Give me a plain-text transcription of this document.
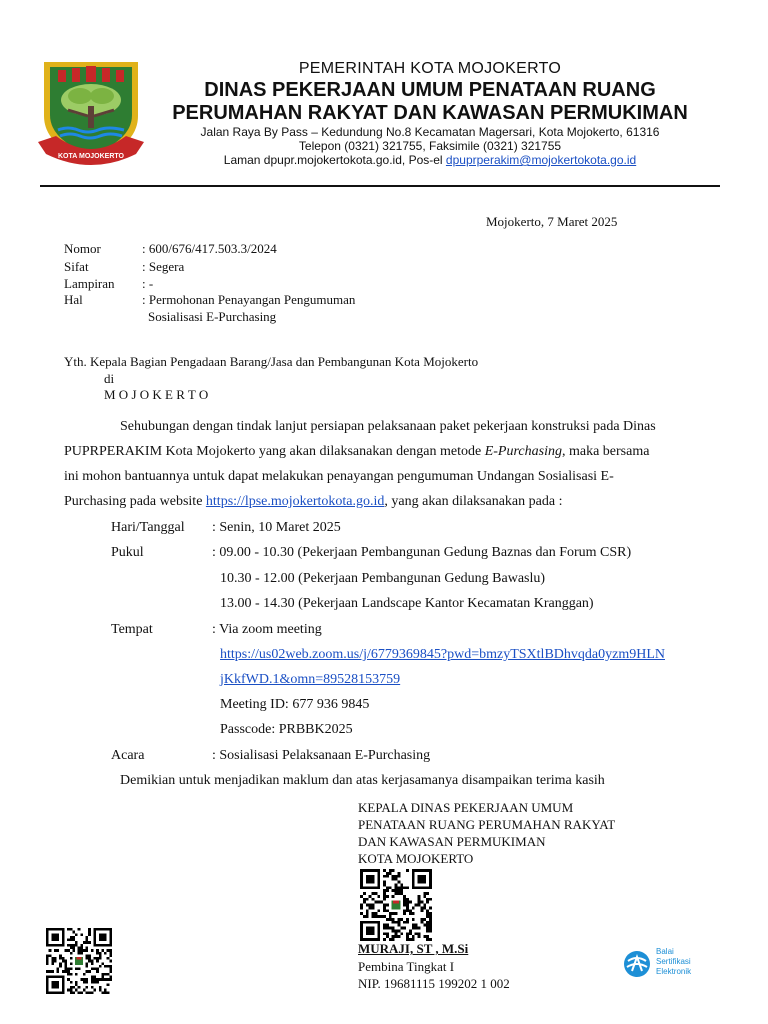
KOTA MOJOKERTO
PEMERINTAH KOTA MOJOKERTO
DINAS PEKERJAAN UMUM PENATAAN RUANG
PERUMAHAN RAKYAT DAN KAWASAN PERMUKIMAN
Jalan Raya By Pass – Kedundung No.8 Kecamatan Magersari, Kota Mojokerto, 61316
Telepon (0321) 321755, Faksimile (0321) 321755
Laman dpupr.mojokertokota.go.id, Pos-el dpuprperakim@mojokertokota.go.id
Mojokerto, 7 Maret 2025
Nomor	: 600/676/417.503.3/2024
Sifat	: Segera
Lampiran : -
Hal	: Permohonan Penayangan Pengumuman
Sosialisasi E-Purchasing
Yth. Kepala Bagian Pengadaan Barang/Jasa dan Pembangunan Kota Mojokerto
di
M O J O K E R T O
Sehubungan dengan tindak lanjut persiapan pelaksanaan paket pekerjaan konstruksi pada Dinas
PUPRPERAKIM Kota Mojokerto yang akan dilaksanakan dengan metode E-Purchasing, maka bersama
ini mohon bantuannya untuk dapat melakukan penayangan pengumuman Undangan Sosialisasi E-
Purchasing pada website https://lpse.mojokertokota.go.id, yang akan dilaksanakan pada :
Hari/Tanggal : Senin, 10 Maret 2025
Pukul	: 09.00 - 10.30 (Pekerjaan Pembangunan Gedung Baznas dan Forum CSR)
10.30 - 12.00 (Pekerjaan Pembangunan Gedung Bawaslu)
13.00 - 14.30 (Pekerjaan Landscape Kantor Kecamatan Kranggan)
Tempat	: Via zoom meeting
https://us02web.zoom.us/j/6779369845?pwd=bmzyTSXtlBDhvqda0yzm9HLN
jKkfWD.1&omn=89528153759
Meeting ID: 677 936 9845
Passcode: PRBBK2025
Acara	: Sosialisasi Pelaksanaan E-Purchasing
Demikian untuk menjadikan maklum dan atas kerjasamanya disampaikan terima kasih
KEPALA DINAS PEKERJAAN UMUM
PENATAAN RUANG PERUMAHAN RAKYAT
DAN KAWASAN PERMUKIMAN
KOTA MOJOKERTO
MURAJI, ST , M.Si
Pembina Tingkat I
NIP. 19681115 199202 1 002
Balai
Sertifikasi
Elektronik
